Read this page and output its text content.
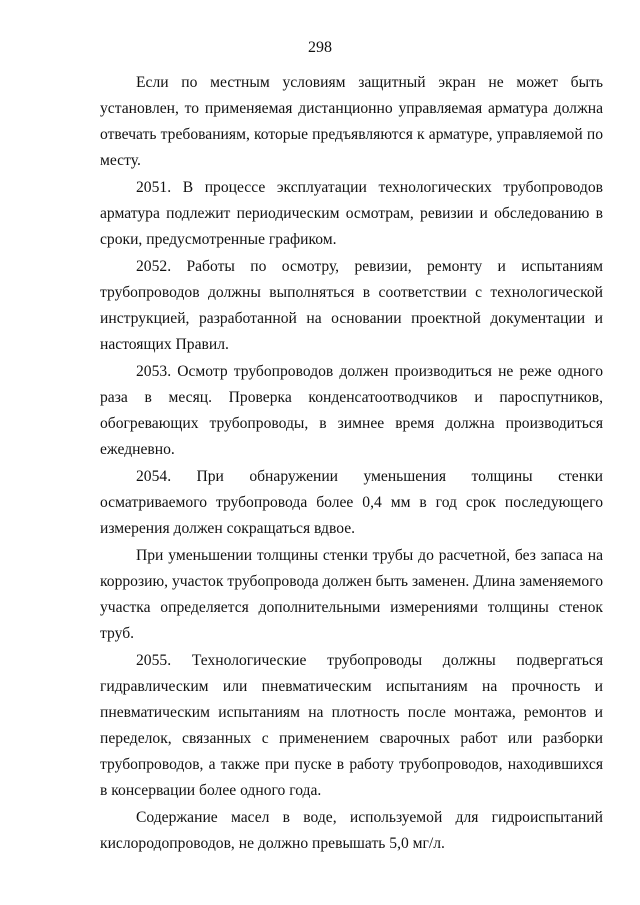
298

Если по местным условиям защитный экран не может быть установлен, то применяемая дистанционно управляемая арматура должна отвечать требованиям, которые предъявляются к арматуре, управляемой по месту.

2051. В процессе эксплуатации технологических трубопроводов арматура подлежит периодическим осмотрам, ревизии и обследованию в сроки, предусмотренные графиком.

2052. Работы по осмотру, ревизии, ремонту и испытаниям трубопроводов должны выполняться в соответствии с технологической инструкцией, разработанной на основании проектной документации и настоящих Правил.

2053. Осмотр трубопроводов должен производиться не реже одного раза в месяц. Проверка конденсатоотводчиков и пароспутников, обогревающих трубопроводы, в зимнее время должна производиться ежедневно.

2054. При обнаружении уменьшения толщины стенки осматриваемого трубопровода более 0,4 мм в год срок последующего измерения должен сокращаться вдвое.

При уменьшении толщины стенки трубы до расчетной, без запаса на коррозию, участок трубопровода должен быть заменен. Длина заменяемого участка определяется дополнительными измерениями толщины стенок труб.

2055. Технологические трубопроводы должны подвергаться гидравлическим или пневматическим испытаниям на прочность и пневматическим испытаниям на плотность после монтажа, ремонтов и переделок, связанных с применением сварочных работ или разборки трубопроводов, а также при пуске в работу трубопроводов, находившихся в консервации более одного года.

Содержание масел в воде, используемой для гидроиспытаний кислородопроводов, не должно превышать 5,0 мг/л.
